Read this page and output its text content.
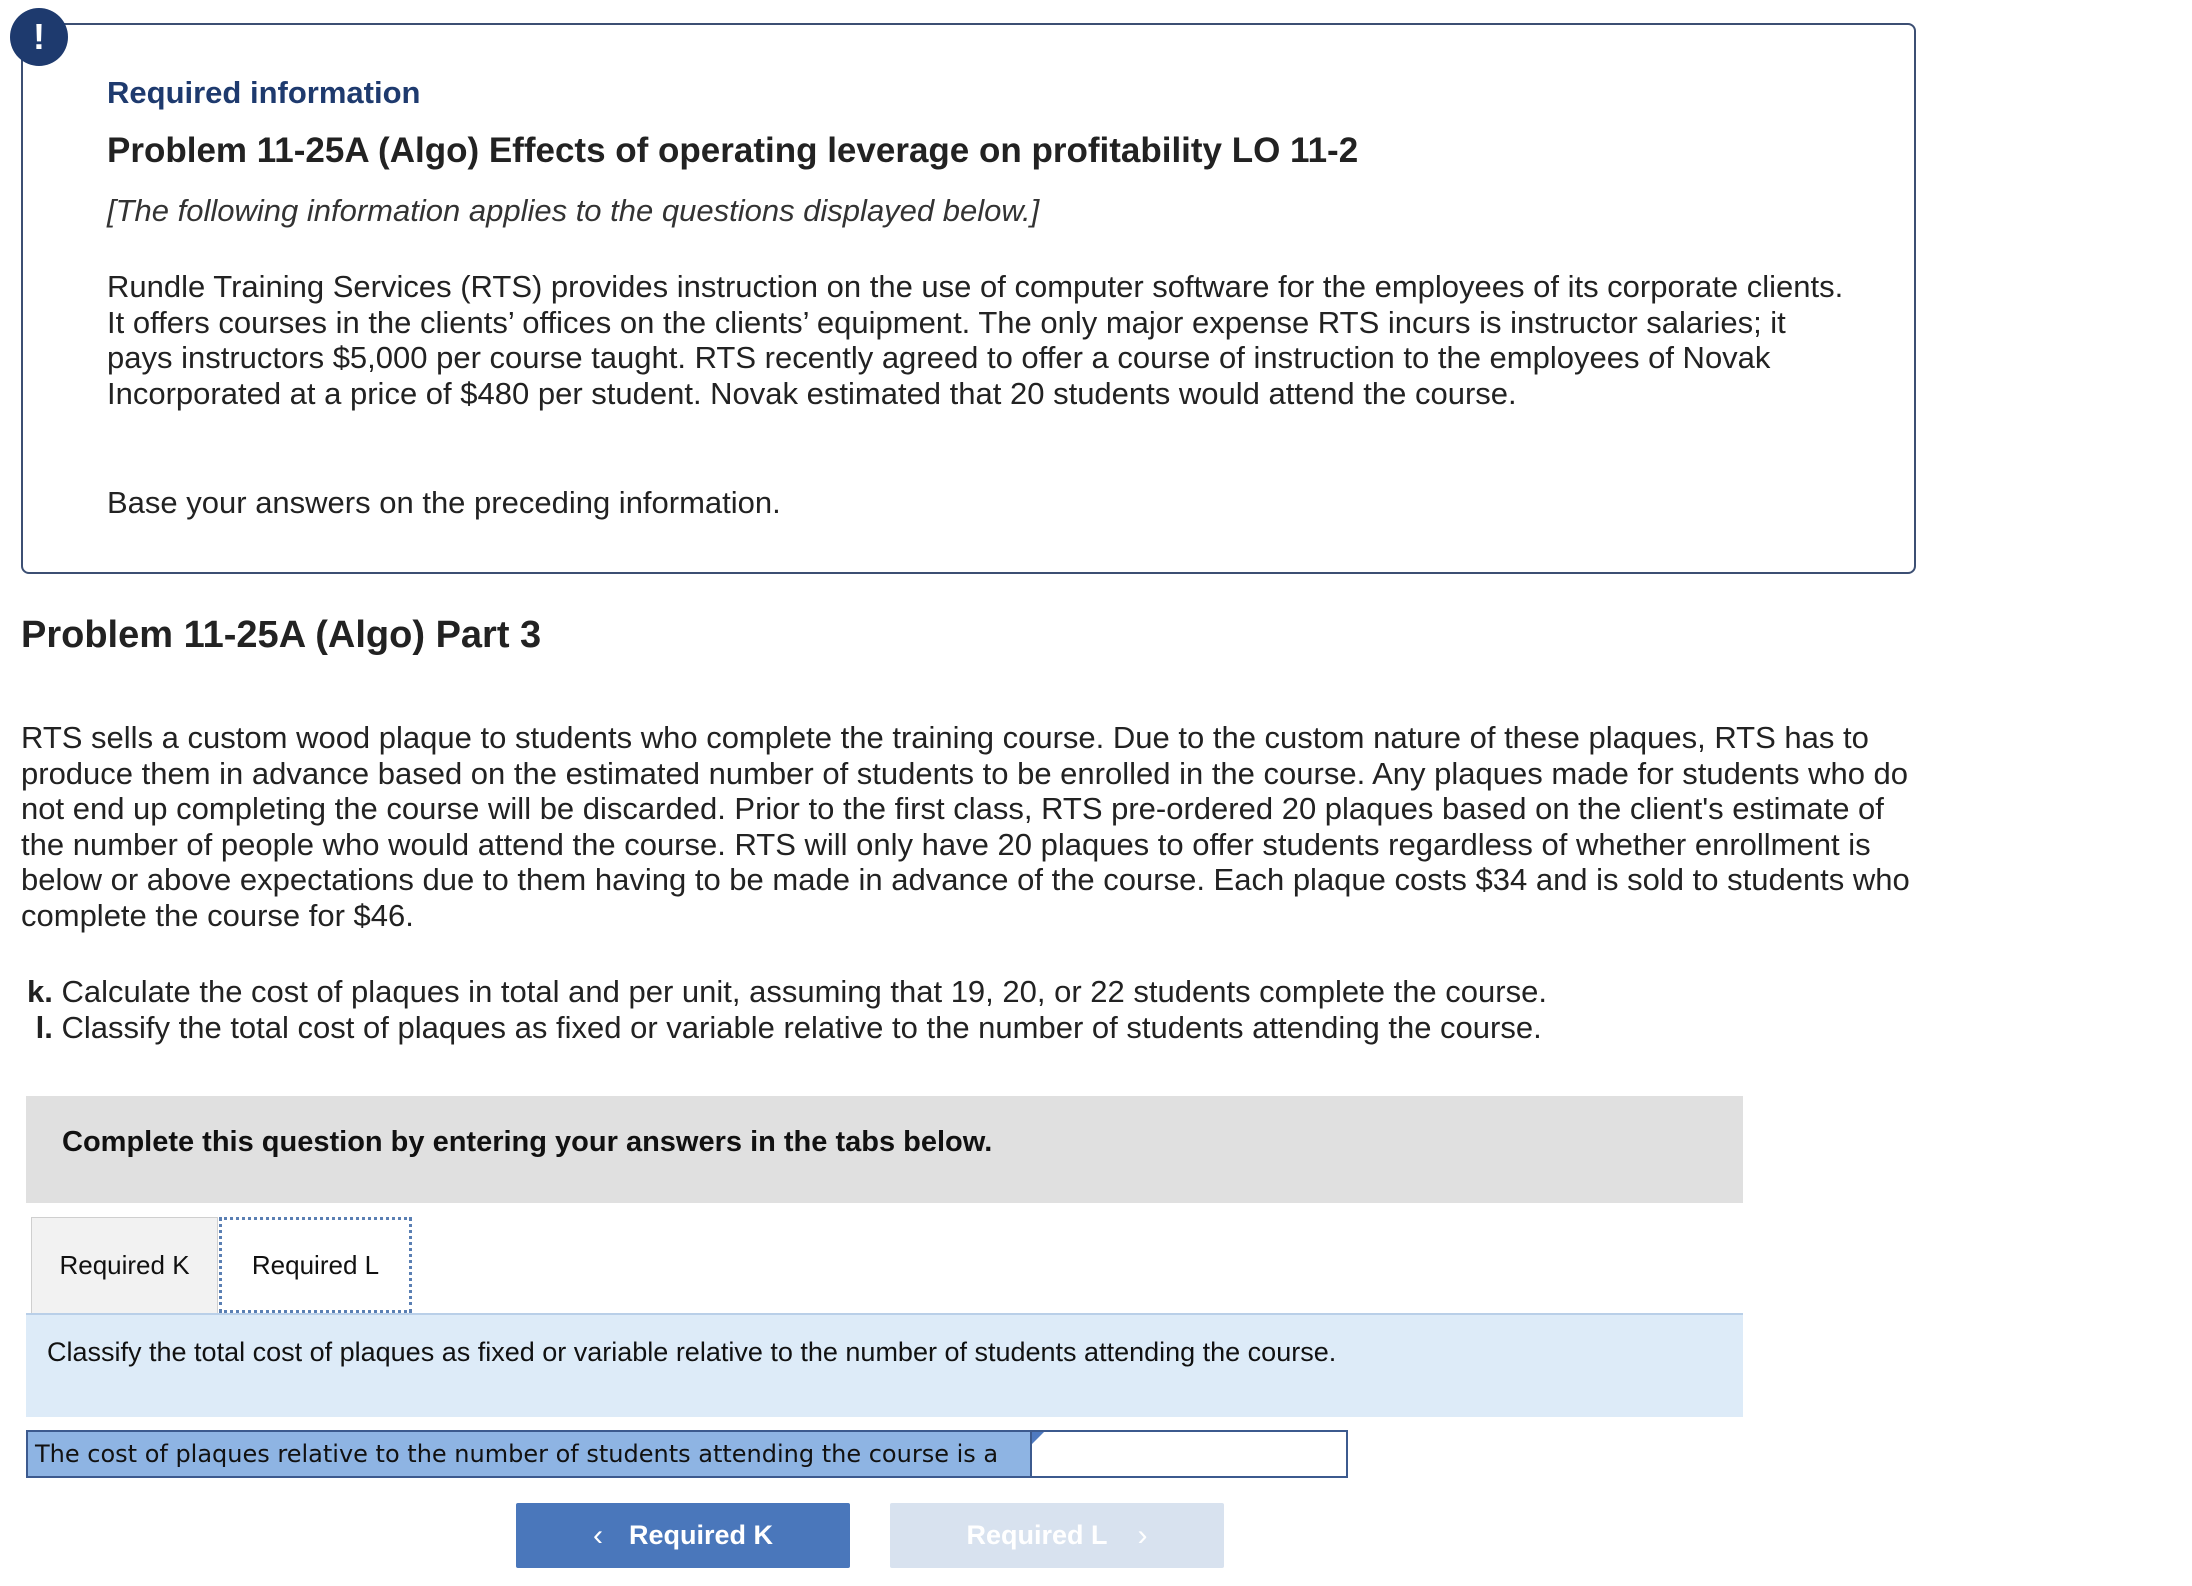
!
Required information
Problem 11-25A (Algo) Effects of operating leverage on profitability LO 11-2
[The following information applies to the questions displayed below.]
Rundle Training Services (RTS) provides instruction on the use of computer software for the employees of its corporate clients. It offers courses in the clients’ offices on the clients’ equipment. The only major expense RTS incurs is instructor salaries; it pays instructors $5,000 per course taught. RTS recently agreed to offer a course of instruction to the employees of Novak Incorporated at a price of $480 per student. Novak estimated that 20 students would attend the course.
Base your answers on the preceding information.
Problem 11-25A (Algo) Part 3
RTS sells a custom wood plaque to students who complete the training course. Due to the custom nature of these plaques, RTS has to produce them in advance based on the estimated number of students to be enrolled in the course. Any plaques made for students who do not end up completing the course will be discarded. Prior to the first class, RTS pre-ordered 20 plaques based on the client's estimate of the number of people who would attend the course. RTS will only have 20 plaques to offer students regardless of whether enrollment is below or above expectations due to them having to be made in advance of the course. Each plaque costs $34 and is sold to students who complete the course for $46.
k. Calculate the cost of plaques in total and per unit, assuming that 19, 20, or 22 students complete the course.
l. Classify the total cost of plaques as fixed or variable relative to the number of students attending the course.
Complete this question by entering your answers in the tabs below.
Required K	Required L
Classify the total cost of plaques as fixed or variable relative to the number of students attending the course.
The cost of plaques relative to the number of students attending the course is a
‹ Required K	Required L ›
